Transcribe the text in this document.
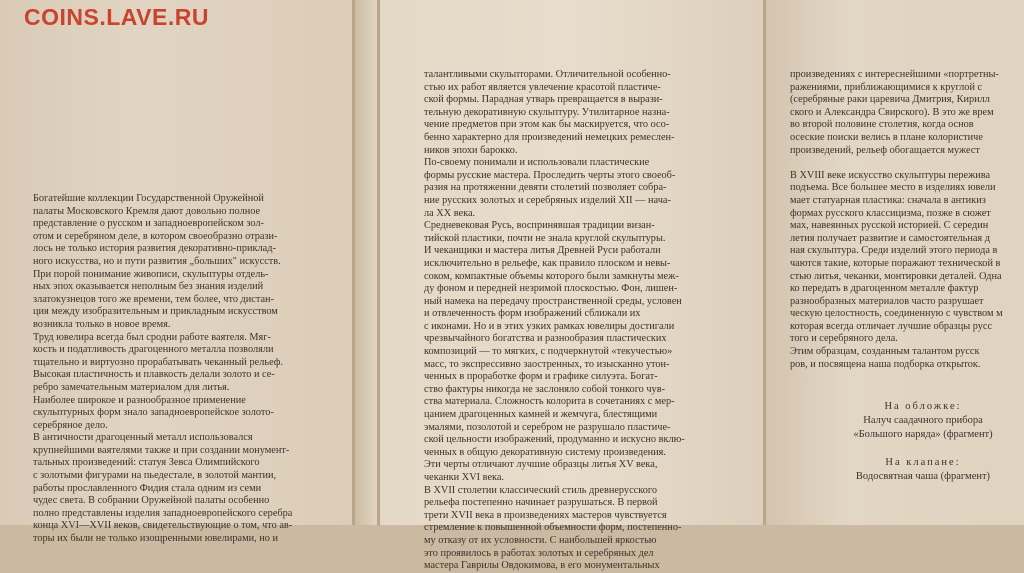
COINS.LAVE.RU
Богатейшие коллекции Государственной Оружейной
палаты Московского Кремля дают довольно полное
представление о русском и западноевропейском зол-
отом и серебряном деле, в котором своеобразно отрази-
лось не только история развития декоративно-приклад-
ного искусства, но и пути развития „больших" искусств.
При порой понимание живописи, скульптуры отдель-
ных эпох оказывается неполным без знания изделий
златокузнецов того же времени, тем более, что дистан-
ция между изобразительным и прикладным искусством
возникла только в новое время.
Труд ювелира всегда был сродни работе ваятеля. Мяг-
кость и податливость драгоценного металла позволяли
тщательно и виртуозно прорабатывать чеканный рельеф.
Высокая пластичность и плавкость делали золото и се-
ребро замечательным материалом для литья.
Наиболее широкое и разнообразное применение
скульптурных форм знало западноевропейское золото-
серебряное дело.
В античности драгоценный металл использовался
крупнейшими ваятелями также и при создании монумент-
тальных произведений: статуя Зевса Олимпийского
с золотыми фигурами на пьедестале, в золотой мантии,
работы прославленного Фидия стала одним из семи
чудес света. В собрании Оружейной палаты особенно
полно представлены изделия западноевропейского серебра
конца XVI—XVII веков, свидетельствующие о том, что ав-
торы их были не только изощренными ювелирами, но и
талантливыми скульпторами. Отличительной особенно-
стью их работ является увлечение красотой пластиче-
ской формы. Парадная утварь превращается в вырази-
тельную декоративную скульптуру. Утилитарное назна-
чение предметов при этом как бы маскируется, что осо-
бенно характерно для произведений немецких ремеслен-
ников эпохи барокко.
По-своему понимали и использовали пластические
формы русские мастера. Проследить черты этого своеоб-
разия на протяжении девяти столетий позволяет собра-
ние русских золотых и серебряных изделий XII — нача-
ла XX века.
Средневековая Русь, воспринявшая традиции визан-
тийской пластики, почти не знала круглой скульптуры.
И чеканщики и мастера литья Древней Руси работали
исключительно в рельефе, как правило плоском и невы-
соком, компактные объемы которого были замкнуты меж-
ду фоном и передней незримой плоскостью. Фон, лишен-
ный намека на передачу пространственной среды, условен
и отвлеченность форм изображений сближали их
с иконами. Но и в этих узких рамках ювелиры достигали
чрезвычайного богатства и разнообразия пластических
композиций — то мягких, с подчеркнутой «текучестью»
масс, то экспрессивно заостренных, то изысканно утон-
ченных в проработке форм и графике силуэта. Богат-
ство фактуры никогда не заслоняло собой тонкого чув-
ства материала. Сложность колорита в сочетаниях с мер-
цанием драгоценных камней и жемчуга, блестящими
эмалями, позолотой и серебром не разрушало пластиче-
ской цельности изображений, продуманно и искусно вклю-
ченных в общую декоративную систему произведения.
Эти черты отличают лучшие образцы литья XV века,
чеканки XVI века.
В XVII столетии классический стиль древнерусского
рельефа постепенно начинает разрушаться. В первой
трети XVII века в произведениях мастеров чувствуется
стремление к повышенной объемности форм, постепенно-
му отказу от их условности. С наибольшей яркостью
это проявилось в работах золотых и серебряных дел
мастера Гаврилы Овдокимова, в его монументальных
произведениях с интереснейшими «портретны-
ражениями, приближающимися к круглой с
(серебряные раки царевича Дмитрия, Кирилл
ского и Александра Свирского). В это же врем
во второй половине столетия, когда основ
осеские поиски велись в плане колористиче
произведений, рельеф обогащается мужест
В XVIII веке искусство скульптуры пережива
подъема. Все большее место в изделиях ювели
мает статуарная пластика: сначала в антикиз
формах русского классицизма, позже в сюжет
мах, навеянных русской историей. С середин
летия получает развитие и самостоятельная д
ная скульптура. Среди изделий этого периода в
чаются такие, которые поражают технической в
стью литья, чеканки, монтировки деталей. Одна
ко передать в драгоценном металле фактур
разнообразных материалов часто разрушает
ческую целостность, соединенную с чувством м
которая всегда отличает лучшие образцы русс
того и серебряного дела.
Этим образцам, созданным талантом русск
ров, и посвящена наша подборка открыток.
На обложке:
Налуч саадачного прибора
«Большого наряда» (фрагмент)
На клапане:
Водосвятная чаша (фрагмент)
